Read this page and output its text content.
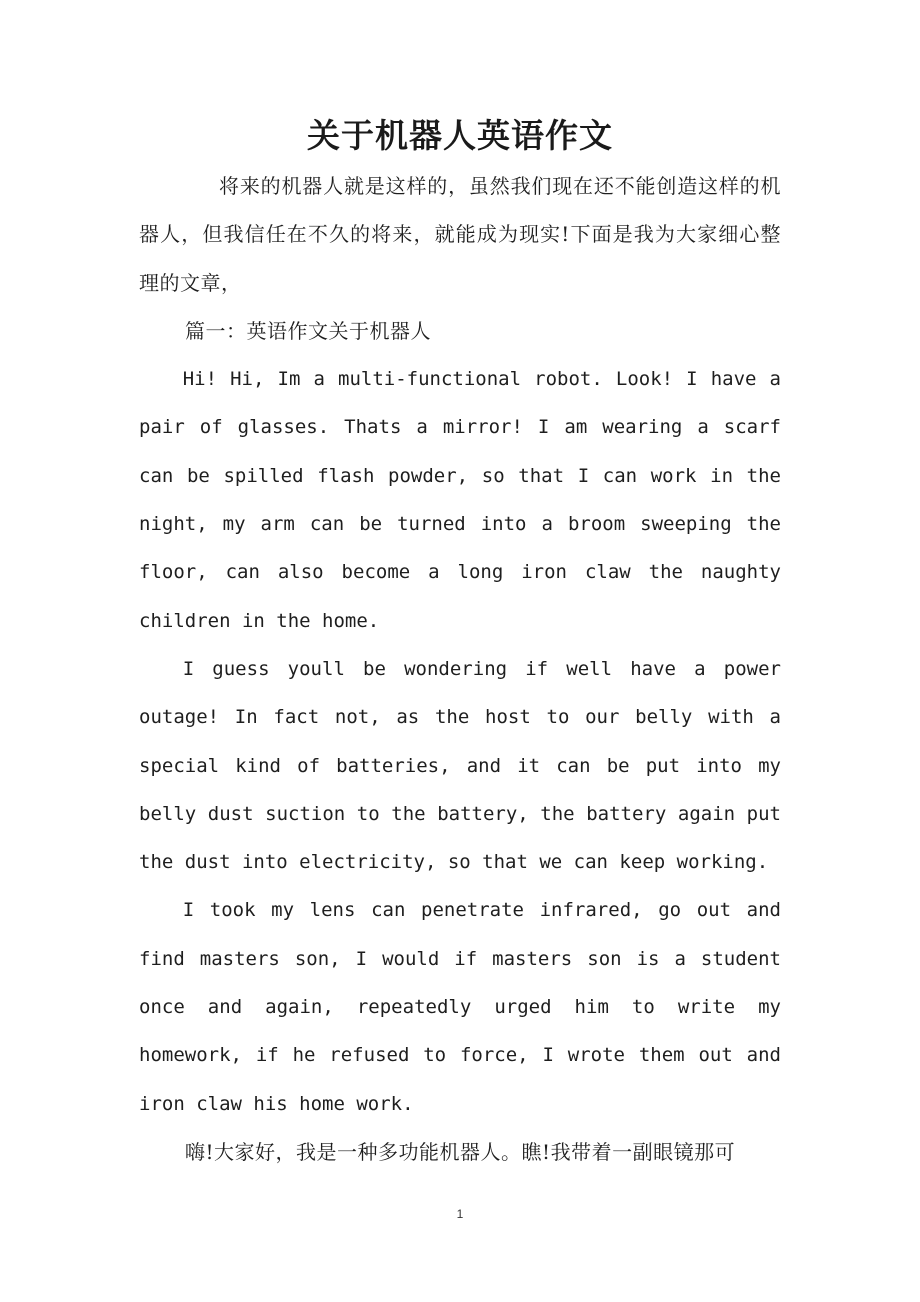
关于机器人英语作文

将来的机器人就是这样的，虽然我们现在还不能创造这样的机器人，但我信任在不久的将来，就能成为现实!下面是我为大家细心整理的文章，

篇一：英语作文关于机器人

Hi! Hi, Im a multi-functional robot. Look! I have a pair of glasses. Thats a mirror! I am wearing a scarf can be spilled flash powder, so that I can work in the night, my arm can be turned into a broom sweeping the floor, can also become a long iron claw the naughty children in the home.

I guess youll be wondering if well have a power outage! In fact not, as the host to our belly with a special kind of batteries, and it can be put into my belly dust suction to the battery, the battery again put the dust into electricity, so that we can keep working.

I took my lens can penetrate infrared, go out and find masters son, I would if masters son is a student once and again, repeatedly urged him to write my homework, if he refused to force, I wrote them out and iron claw his home work.

嗨!大家好，我是一种多功能机器人。瞧!我带着一副眼镜那可

1
